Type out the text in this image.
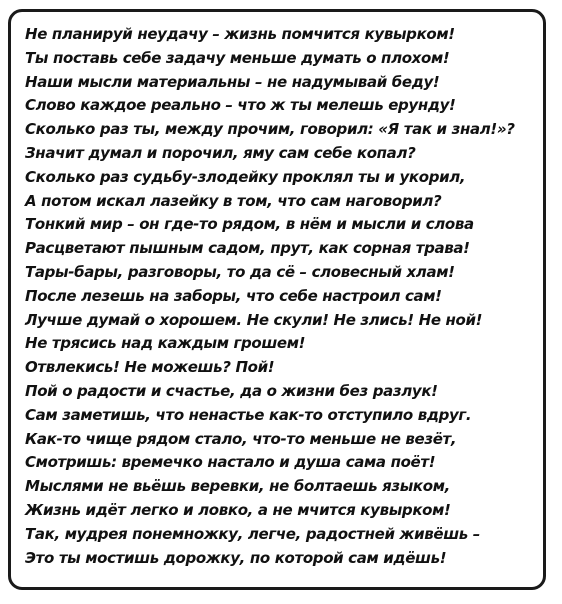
Не планируй неудачу – жизнь помчится кувырком!
Ты поставь себе задачу меньше думать о плохом!
Наши мысли материальны – не надумывай беду!
Слово каждое реально – что ж ты мелешь ерунду!
Сколько раз ты, между прочим, говорил: «Я так и знал!»?
Значит думал и порочил, яму сам себе копал?
Сколько раз судьбу-злодейку проклял ты и укорил,
А потом искал лазейку в том, что сам наговорил?
Тонкий мир – он где-то рядом, в нём и мысли и слова
Расцветают пышным садом, прут, как сорная трава!
Тары-бары, разговоры, то да сё – словесный хлам!
После лезешь на заборы, что себе настроил сам!
Лучше думай о хорошем. Не скули! Не злись! Не ной!
Не трясись над каждым грошем!
Отвлекись! Не можешь? Пой!
Пой о радости и счастье, да о жизни без разлук!
Сам заметишь, что ненастье как-то отступило вдруг.
Как-то чище рядом стало, что-то меньше не везёт,
Смотришь: времечко настало и душа сама поёт!
Мыслями не вьёшь веревки, не болтаешь языком,
Жизнь идёт легко и ловко, а не мчится кувырком!
Так, мудрея понемножку, легче, радостней живёшь –
Это ты мостишь дорожку, по которой сам идёшь!
